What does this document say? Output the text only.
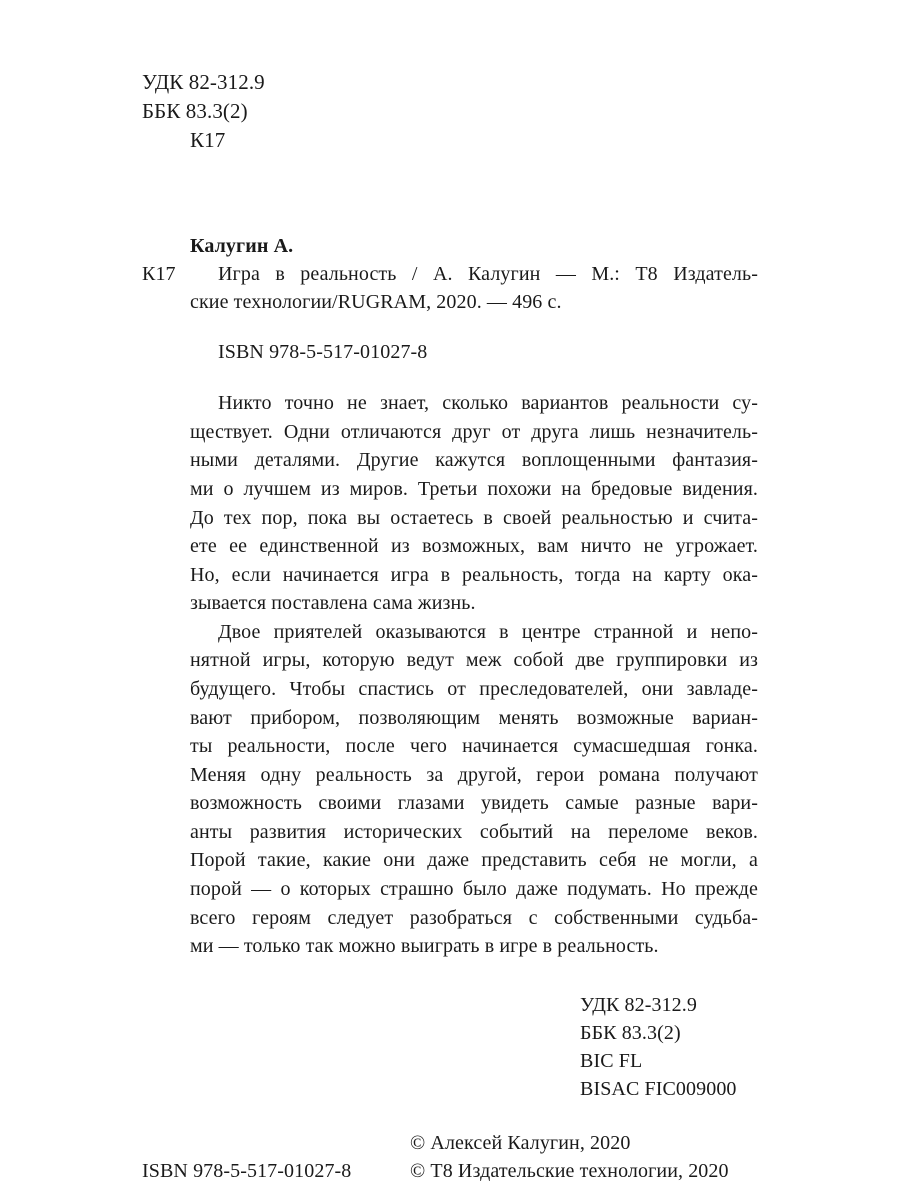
УДК 82-312.9
ББК 83.3(2)
К17
Калугин А.
К17 Игра в реальность / А. Калугин — М.: Т8 Издатель-
ские технологии/RUGRAM, 2020. — 496 с.
ISBN 978-5-517-01027-8
Никто точно не знает, сколько вариантов реальности су-
ществует. Одни отличаются друг от друга лишь незначитель-
ными деталями. Другие кажутся воплощенными фантазия-
ми о лучшем из миров. Третьи похожи на бредовые видения.
До тех пор, пока вы остаетесь в своей реальностью и счита-
ете ее единственной из возможных, вам ничто не угрожает.
Но, если начинается игра в реальность, тогда на карту ока-
зывается поставлена сама жизнь.
Двое приятелей оказываются в центре странной и непо-
нятной игры, которую ведут меж собой две группировки из
будущего. Чтобы спастись от преследователей, они завладе-
вают прибором, позволяющим менять возможные вариан-
ты реальности, после чего начинается сумасшедшая гонка.
Меняя одну реальность за другой, герои романа получают
возможность своими глазами увидеть самые разные вари-
анты развития исторических событий на переломе веков.
Порой такие, какие они даже представить себя не могли, а
порой — о которых страшно было даже подумать. Но прежде
всего героям следует разобраться с собственными судьба-
ми — только так можно выиграть в игре в реальность.
УДК 82-312.9
ББК 83.3(2)
BIC FL
BISAC FIC009000
© Алексей Калугин, 2020
ISBN 978-5-517-01027-8	© Т8 Издательские технологии, 2020
